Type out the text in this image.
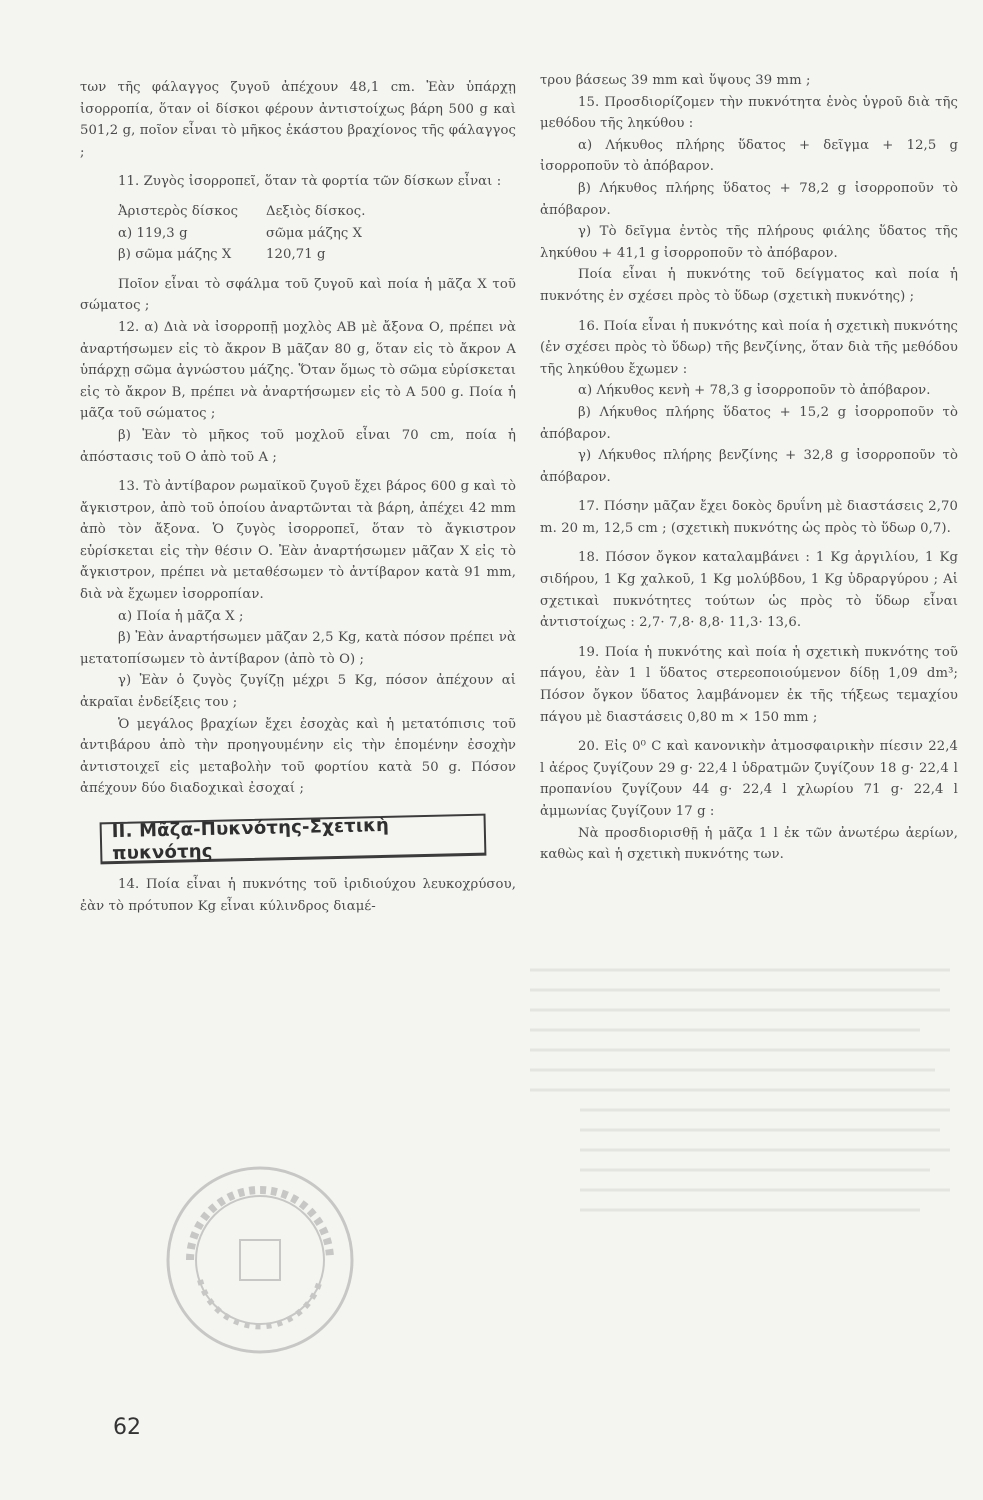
των τῆς φάλαγγος ζυγοῦ ἀπέχουν 48,1 cm. Ἐὰν ὑπάρχῃ ἰσορροπία, ὅταν οἱ δίσκοι φέρουν ἀντιστοίχως βάρη 500 g καὶ 501,2 g, ποῖον εἶναι τὸ μῆκος ἑκάστου βραχίονος τῆς φάλαγγος ;

11. Ζυγὸς ἰσορροπεῖ, ὅταν τὰ φορτία τῶν δίσκων εἶναι :

Ἀριστερὸς δίσκος	Δεξιὸς δίσκος.
α) 119,3 g	σῶμα μάζης Χ
β) σῶμα μάζης Χ	120,71 g

Ποῖον εἶναι τὸ σφάλμα τοῦ ζυγοῦ καὶ ποία ἡ μᾶζα Χ τοῦ σώματος ;

12. α) Διὰ νὰ ἰσορροπῇ μοχλὸς ΑΒ μὲ ἄξονα Ο, πρέπει νὰ ἀναρτήσωμεν εἰς τὸ ἄκρον Β μᾶζαν 80 g, ὅταν εἰς τὸ ἄκρον Α ὑπάρχῃ σῶμα ἀγνώστου μάζης. Ὅταν ὅμως τὸ σῶμα εὑρίσκεται εἰς τὸ ἄκρον Β, πρέπει νὰ ἀναρτήσωμεν εἰς τὸ Α 500 g. Ποία ἡ μᾶζα τοῦ σώματος ;

β) Ἐὰν τὸ μῆκος τοῦ μοχλοῦ εἶναι 70 cm, ποία ἡ ἀπόστασις τοῦ Ο ἀπὸ τοῦ Α ;

13. Τὸ ἀντίβαρον ρωμαϊκοῦ ζυγοῦ ἔχει βάρος 600 g καὶ τὸ ἄγκιστρον, ἀπὸ τοῦ ὁποίου ἀναρτῶνται τὰ βάρη, ἀπέχει 42 mm ἀπὸ τὸν ἄξονα. Ὁ ζυγὸς ἰσορροπεῖ, ὅταν τὸ ἄγκιστρον εὑρίσκεται εἰς τὴν θέσιν Ο. Ἐὰν ἀναρτήσωμεν μᾶζαν Χ εἰς τὸ ἄγκιστρον, πρέπει νὰ μεταθέσωμεν τὸ ἀντίβαρον κατὰ 91 mm, διὰ νὰ ἔχωμεν ἰσορροπίαν.

α) Ποία ἡ μᾶζα Χ ;

β) Ἐὰν ἀναρτήσωμεν μᾶζαν 2,5 Kg, κατὰ πόσον πρέπει νὰ μετατοπίσωμεν τὸ ἀντίβαρον (ἀπὸ τὸ Ο) ;

γ) Ἐὰν ὁ ζυγὸς ζυγίζῃ μέχρι 5 Kg, πόσον ἀπέχουν αἱ ἀκραῖαι ἐνδείξεις του ;

Ὁ μεγάλος βραχίων ἔχει ἐσοχὰς καὶ ἡ μετατόπισις τοῦ ἀντιβάρου ἀπὸ τὴν προηγουμένην εἰς τὴν ἑπομένην ἐσοχὴν ἀντιστοιχεῖ εἰς μεταβολὴν τοῦ φορτίου κατὰ 50 g. Πόσον ἀπέχουν δύο διαδοχικαὶ ἐσοχαί ;

ΙΙ. Μᾶζα-Πυκνότης-Σχετικὴ πυκνότης

14. Ποία εἶναι ἡ πυκνότης τοῦ ἰριδιούχου λευκοχρύσου, ἐὰν τὸ πρότυπον Kg εἶναι κύλινδρος διαμέ-

τρου βάσεως 39 mm καὶ ὕψους 39 mm ;

15. Προσδιορίζομεν τὴν πυκνότητα ἑνὸς ὑγροῦ διὰ τῆς μεθόδου τῆς ληκύθου :

α) Λήκυθος πλήρης ὕδατος + δεῖγμα + 12,5 g ἰσορροποῦν τὸ ἀπόβαρον.

β) Λήκυθος πλήρης ὕδατος + 78,2 g ἰσορροποῦν τὸ ἀπόβαρον.

γ) Τὸ δεῖγμα ἐντὸς τῆς πλήρους φιάλης ὕδατος τῆς ληκύθου + 41,1 g ἰσορροποῦν τὸ ἀπόβαρον.

Ποία εἶναι ἡ πυκνότης τοῦ δείγματος καὶ ποία ἡ πυκνότης ἐν σχέσει πρὸς τὸ ὕδωρ (σχετικὴ πυκνότης) ;

16. Ποία εἶναι ἡ πυκνότης καὶ ποία ἡ σχετικὴ πυκνότης (ἐν σχέσει πρὸς τὸ ὕδωρ) τῆς βενζίνης, ὅταν διὰ τῆς μεθόδου τῆς ληκύθου ἔχωμεν :

α) Λήκυθος κενὴ + 78,3 g ἰσορροποῦν τὸ ἀπόβαρον.

β) Λήκυθος πλήρης ὕδατος + 15,2 g ἰσορροποῦν τὸ ἀπόβαρον.

γ) Λήκυθος πλήρης βενζίνης + 32,8 g ἰσορροποῦν τὸ ἀπόβαρον.

17. Πόσην μᾶζαν ἔχει δοκὸς δρυΐνη μὲ διαστάσεις 2,70 m. 20 m, 12,5 cm ; (σχετικὴ πυκνότης ὡς πρὸς τὸ ὕδωρ 0,7).

18. Πόσον ὄγκον καταλαμβάνει : 1 Kg ἀργιλίου, 1 Kg σιδήρου, 1 Kg χαλκοῦ, 1 Kg μολύβδου, 1 Kg ὑδραργύρου ; Αἱ σχετικαὶ πυκνότητες τούτων ὡς πρὸς τὸ ὕδωρ εἶναι ἀντιστοίχως : 2,7· 7,8· 8,8· 11,3· 13,6.

19. Ποία ἡ πυκνότης καὶ ποία ἡ σχετικὴ πυκνότης τοῦ πάγου, ἐὰν 1 l ὕδατος στερεοποιούμενον δίδῃ 1,09 dm³; Πόσον ὄγκον ὕδατος λαμβάνομεν ἐκ τῆς τήξεως τεμαχίου πάγου μὲ διαστάσεις 0,80 m × 150 mm ;

20. Εἰς 0⁰ C καὶ κανονικὴν ἀτμοσφαιρικὴν πίεσιν 22,4 l ἀέρος ζυγίζουν 29 g· 22,4 l ὑδρατμῶν ζυγίζουν 18 g· 22,4 l προπανίου ζυγίζουν 44 g· 22,4 l χλωρίου 71 g· 22,4 l ἀμμωνίας ζυγίζουν 17 g :

Νὰ προσδιορισθῇ ἡ μᾶζα 1 l ἐκ τῶν ἀνωτέρω ἀερίων, καθὼς καὶ ἡ σχετικὴ πυκνότης των.

62
